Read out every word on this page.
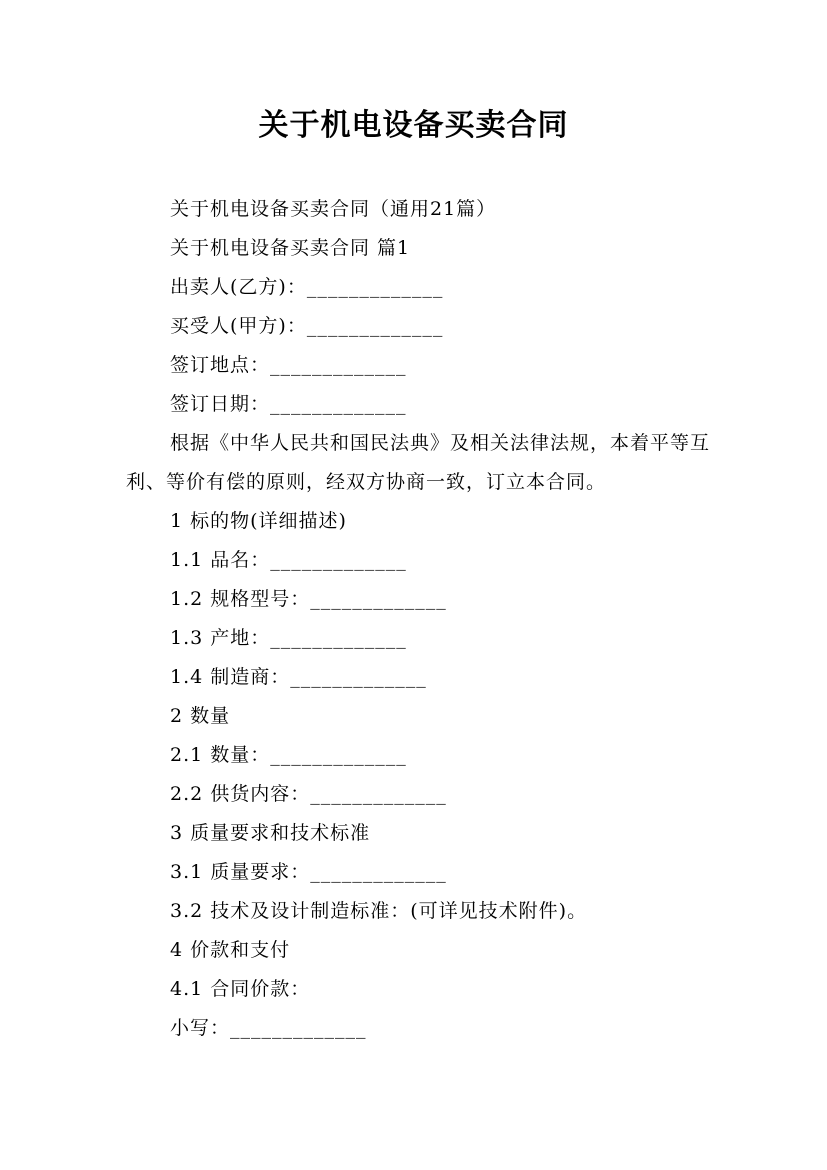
关于机电设备买卖合同
关于机电设备买卖合同（通用21篇）
关于机电设备买卖合同 篇1
出卖人(乙方)：_____________
买受人(甲方)：_____________
签订地点：_____________
签订日期：_____________
根据《中华人民共和国民法典》及相关法律法规，本着平等互利、等价有偿的原则，经双方协商一致，订立本合同。
1 标的物(详细描述)
1.1 品名：_____________
1.2 规格型号：_____________
1.3 产地：_____________
1.4 制造商：_____________
2 数量
2.1 数量：_____________
2.2 供货内容：_____________
3 质量要求和技术标准
3.1 质量要求：_____________
3.2 技术及设计制造标准：(可详见技术附件)。
4 价款和支付
4.1 合同价款：
小写：_____________
